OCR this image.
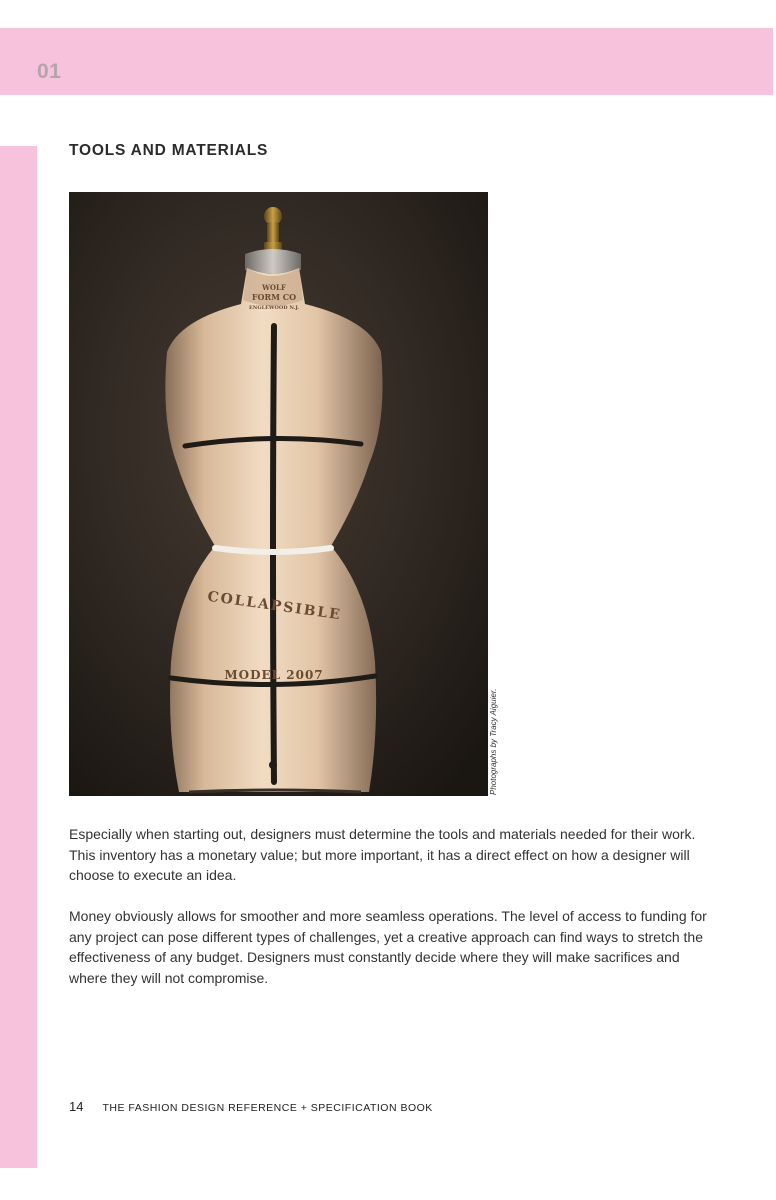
01
TOOLS AND MATERIALS
WOLF
FORM CO
ENGLEWOOD N.J.
COLLAPSIBLE
MODEL 2007
Photographs by Tracy Aiguier.

Especially when starting out, designers must determine the tools and materials needed for their work. This inventory has a monetary value; but more important, it has a direct effect on how a designer will choose to execute an idea.

Money obviously allows for smoother and more seamless operations. The level of access to funding for any project can pose different types of challenges, yet a creative approach can find ways to stretch the effectiveness of any budget. Designers must constantly decide where they will make sacrifices and where they will not compromise.

14 THE FASHION DESIGN REFERENCE + SPECIFICATION BOOK
